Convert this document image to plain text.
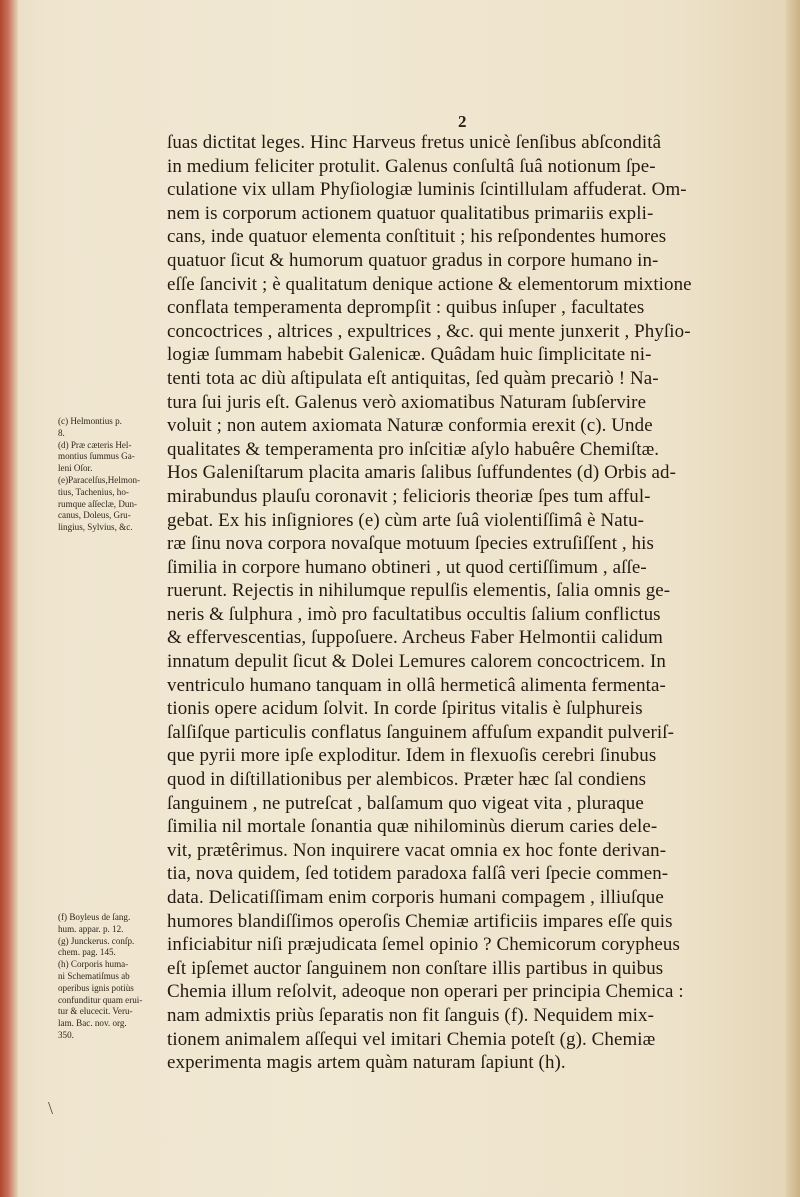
2
ſuas dictitat leges. Hinc Harveus fretus unicè ſenſibus abſconditâ
in medium feliciter protulit. Galenus conſultâ ſuâ notionum ſpe-
culatione vix ullam Phyſiologiæ luminis ſcintillulam affuderat. Om-
nem is corporum actionem quatuor qualitatibus primariis expli-
cans, inde quatuor elementa conſtituit ; his reſpondentes humores
quatuor ſicut & humorum quatuor gradus in corpore humano in-
eſſe ſancivit ; è qualitatum denique actione & elementorum mixtione
conflata temperamenta deprompſit : quibus inſuper , facultates
concoctrices , altrices , expultrices , &c. qui mente junxerit , Phyſio-
logiæ ſummam habebit Galenicæ. Quâdam huic ſimplicitate ni-
tenti tota ac diù aſtipulata eſt antiquitas, ſed quàm precariò ! Na-
tura ſui juris eſt. Galenus verò axiomatibus Naturam ſubſervire
voluit ; non autem axiomata Naturæ conformia erexit (c). Unde
qualitates & temperamenta pro inſcitiæ aſylo habuêre Chemiſtæ.
Hos Galeniſtarum placita amaris ſalibus ſuffundentes (d) Orbis ad-
mirabundus plauſu coronavit ; felicioris theoriæ ſpes tum afful-
gebat. Ex his inſigniores (e) cùm arte ſuâ violentiſſimâ è Natu-
ræ ſinu nova corpora novaſque motuum ſpecies extruſiſſent , his
ſimilia in corpore humano obtineri , ut quod certiſſimum , aſſe-
ruerunt. Rejectis in nihilumque repulſis elementis, ſalia omnis ge-
neris & ſulphura , imò pro facultatibus occultis ſalium conflictus
& effervescentias, ſuppoſuere. Archeus Faber Helmontii calidum
innatum depulit ſicut & Dolei Lemures calorem concoctricem. In
ventriculo humano tanquam in ollâ hermeticâ alimenta fermenta-
tionis opere acidum ſolvit. In corde ſpiritus vitalis è ſulphureis
ſalſiſque particulis conflatus ſanguinem affuſum expandit pulveriſ-
que pyrii more ipſe exploditur. Idem in flexuoſis cerebri ſinubus
quod in diſtillationibus per alembicos. Præter hæc ſal condiens
ſanguinem , ne putreſcat , balſamum quo vigeat vita , pluraque
ſimilia nil mortale ſonantia quæ nihilominùs dierum caries dele-
vit, prætêrimus. Non inquirere vacat omnia ex hoc fonte derivan-
tia, nova quidem, ſed totidem paradoxa falſâ veri ſpecie commen-
data. Delicatiſſimam enim corporis humani compagem , illiuſque
humores blandiſſimos operoſis Chemiæ artificiis impares eſſe quis
inficiabitur niſi præjudicata ſemel opinio ? Chemicorum corypheus
eſt ipſemet auctor ſanguinem non conſtare illis partibus in quibus
Chemia illum reſolvit, adeoque non operari per principia Chemica :
nam admixtis priùs ſeparatis non fit ſanguis (f). Nequidem mix-
tionem animalem aſſequi vel imitari Chemia poteſt (g). Chemiæ
experimenta magis artem quàm naturam ſapiunt (h).
(c) Helmontius p.
8.
(d) Præ cæteris Hel-
montius ſummus Ga-
leni Oſor.
(e)Paracelſus,Helmon-
tius, Tachenius, ho-
rumque aſſeclæ, Dun-
canus, Doleus, Gru-
lingius, Sylvius, &c.
(f) Boyleus de ſang.
hum. appar. p. 12.
(g) Junckerus. conſp.
chem. pag. 145.
(h) Corporis huma-
ni Schematiſmus ab
operibus ignis potiùs
confunditur quam erui-
tur & elucecit. Veru-
lam. Bac. nov. org.
350.
\
